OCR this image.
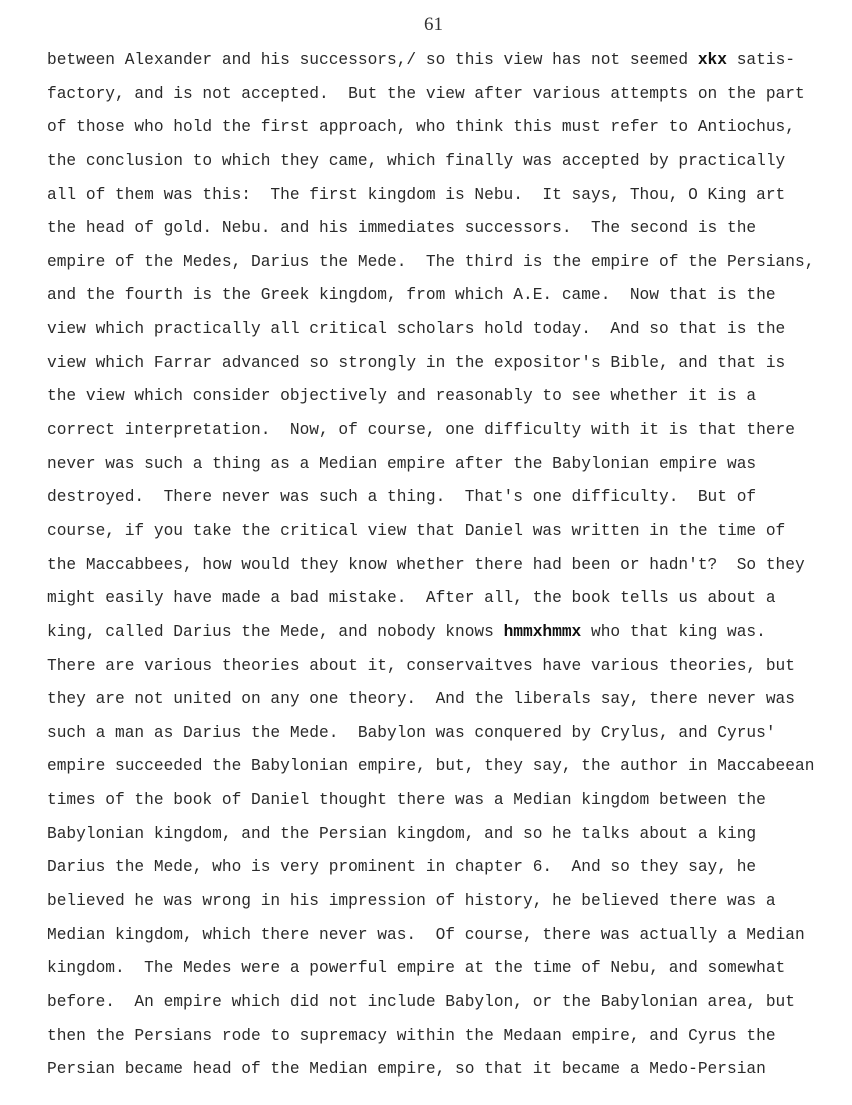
61
between Alexander and his successors,/ so this view has not seemed xkx satis-
factory, and is not accepted.  But the view after various attempts on the part
of those who hold the first approach, who think this must refer to Antiochus,
the conclusion to which they came, which finally was accepted by practically
all of them was this:  The first kingdom is Nebu.  It says, Thou, O King art
the head of gold. Nebu. and his immediates successors.  The second is the
empire of the Medes, Darius the Mede.  The third is the empire of the Persians,
and the fourth is the Greek kingdom, from which A.E. came.  Now that is the
view which practically all critical scholars hold today.  And so that is the
view which Farrar advanced so strongly in the expositor's Bible, and that is
the view which consider objectively and reasonably to see whether it is a
correct interpretation.  Now, of course, one difficulty with it is that there
never was such a thing as a Median empire after the Babylonian empire was
destroyed.  There never was such a thing.  That's one difficulty.  But of
course, if you take the critical view that Daniel was written in the time of
the Maccabbees, how would they know whether there had been or hadn't?  So they
might easily have made a bad mistake.  After all, the book tells us about a
king, called Darius the Mede, and nobody knows hmmxhmmx who that king was.
There are various theories about it, conservaitves have various theories, but
they are not united on any one theory.  And the liberals say, there never was
such a man as Darius the Mede.  Babylon was conquered by Crylus, and Cyrus'
empire succeeded the Babylonian empire, but, they say, the author in Maccabeean
times of the book of Daniel thought there was a Median kingdom between the
Babylonian kingdom, and the Persian kingdom, and so he talks about a king
Darius the Mede, who is very prominent in chapter 6.  And so they say, he
believed he was wrong in his impression of history, he believed there was a
Median kingdom, which there never was.  Of course, there was actually a Median
kingdom.  The Medes were a powerful empire at the time of Nebu, and somewhat
before.  An empire which did not include Babylon, or the Babylonian area, but
then the Persians rode to supremacy within the Medaan empire, and Cyrus the
Persian became head of the Median empire, so that it became a Medo-Persian
